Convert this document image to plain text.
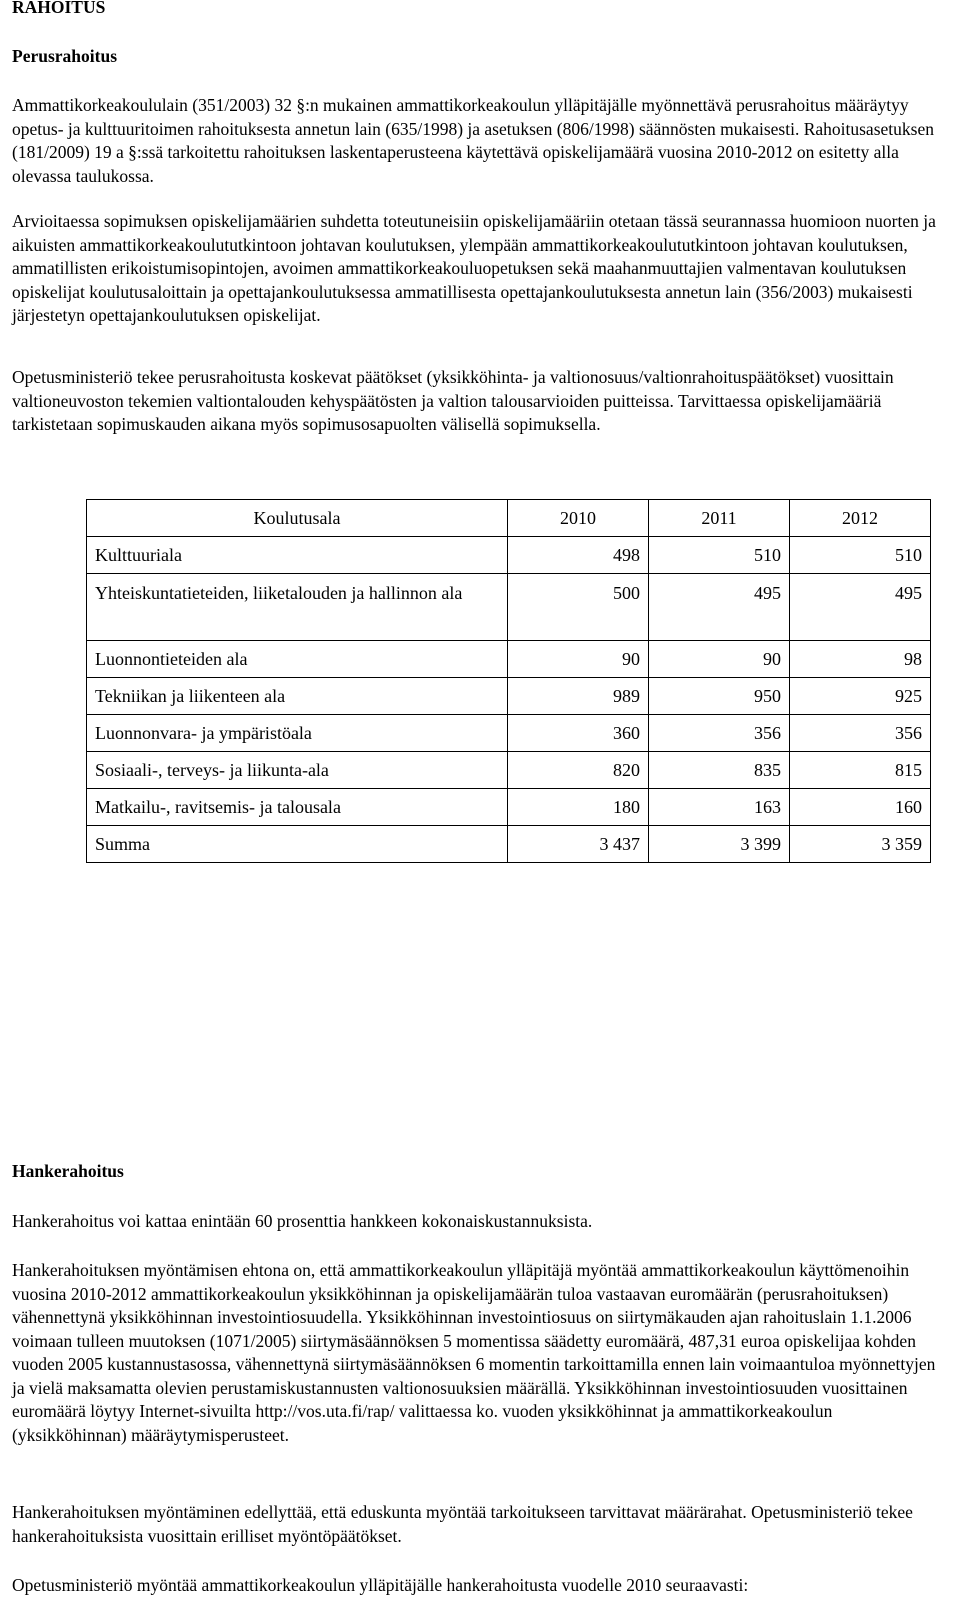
RAHOITUS
Perusrahoitus

Ammattikorkeakoululain (351/2003) 32 §:n mukainen ammattikorkeakoulun ylläpitäjälle myönnettävä perusrahoitus määräytyy opetus- ja kulttuuritoimen rahoituksesta annetun lain (635/1998) ja asetuksen (806/1998) säännösten mukaisesti. Rahoitusasetuksen (181/2009) 19 a §:ssä tarkoitettu rahoituksen laskentaperusteena käytettävä opiskelijamäärä vuosina 2010-2012 on esitetty alla olevassa taulukossa.

Arvioitaessa sopimuksen opiskelijamäärien suhdetta toteutuneisiin opiskelijamääriin otetaan tässä seurannassa huomioon nuorten ja aikuisten ammattikorkeakoulututkintoon johtavan koulutuksen, ylempään ammattikorkeakoulututkintoon johtavan koulutuksen, ammatillisten erikoistumisopintojen, avoimen ammattikorkeakouluopetuksen sekä maahanmuuttajien valmentavan koulutuksen opiskelijat koulutusaloittain ja opettajankoulutuksessa ammatillisesta opettajankoulutuksesta annetun lain (356/2003) mukaisesti järjestetyn opettajankoulutuksen opiskelijat.

Opetusministeriö tekee perusrahoitusta koskevat päätökset (yksikköhinta- ja valtionosuus/valtionrahoituspäätökset) vuosittain valtioneuvoston tekemien valtiontalouden kehyspäätösten ja valtion talousarvioiden puitteissa. Tarvittaessa opiskelijamääriä tarkistetaan sopimuskauden aikana myös sopimusosapuolten välisellä sopimuksella.

Koulutusala	2010	2011	2012
Kulttuuriala	498	510	510
Yhteiskuntatieteiden, liiketalouden ja hallinnon ala	500	495	495
Luonnontieteiden ala	90	90	98
Tekniikan ja liikenteen ala	989	950	925
Luonnonvara- ja ympäristöala	360	356	356
Sosiaali-, terveys- ja liikunta-ala	820	835	815
Matkailu-, ravitsemis- ja talousala	180	163	160
Summa	3 437	3 399	3 359
Hankerahoitus

Hankerahoitus voi kattaa enintään 60 prosenttia hankkeen kokonaiskustannuksista.

Hankerahoituksen myöntämisen ehtona on, että ammattikorkeakoulun ylläpitäjä myöntää ammattikorkeakoulun käyttömenoihin vuosina 2010-2012 ammattikorkeakoulun yksikköhinnan ja opiskelijamäärän tuloa vastaavan euromäärän (perusrahoituksen) vähennettynä yksikköhinnan investointiosuudella. Yksikköhinnan investointiosuus on siirtymäkauden ajan rahoituslain 1.1.2006 voimaan tulleen muutoksen (1071/2005) siirtymäsäännöksen 5 momentissa säädetty euromäärä, 487,31 euroa opiskelijaa kohden vuoden 2005 kustannustasossa, vähennettynä siirtymäsäännöksen 6 momentin tarkoittamilla ennen lain voimaantuloa myönnettyjen ja vielä maksamatta olevien perustamiskustannusten valtionosuuksien määrällä. Yksikköhinnan investointiosuuden vuosittainen euromäärä löytyy Internet-sivuilta http://vos.uta.fi/rap/ valittaessa ko. vuoden yksikköhinnat ja ammattikorkeakoulun (yksikköhinnan) määräytymisperusteet.

Hankerahoituksen myöntäminen edellyttää, että eduskunta myöntää tarkoitukseen tarvittavat määrärahat. Opetusministeriö tekee hankerahoituksista vuosittain erilliset myöntöpäätökset.

Opetusministeriö myöntää ammattikorkeakoulun ylläpitäjälle hankerahoitusta vuodelle 2010 seuraavasti:

Tutkimus-, kehittämis- ja innovaatiotoiminta 384 000 € ( 2010 384 000 € )

- Pohjois-Karjalan ammattikorkeakoulun tutkimus- ja kehittämistoiminta ( 2010 384 000 € )
